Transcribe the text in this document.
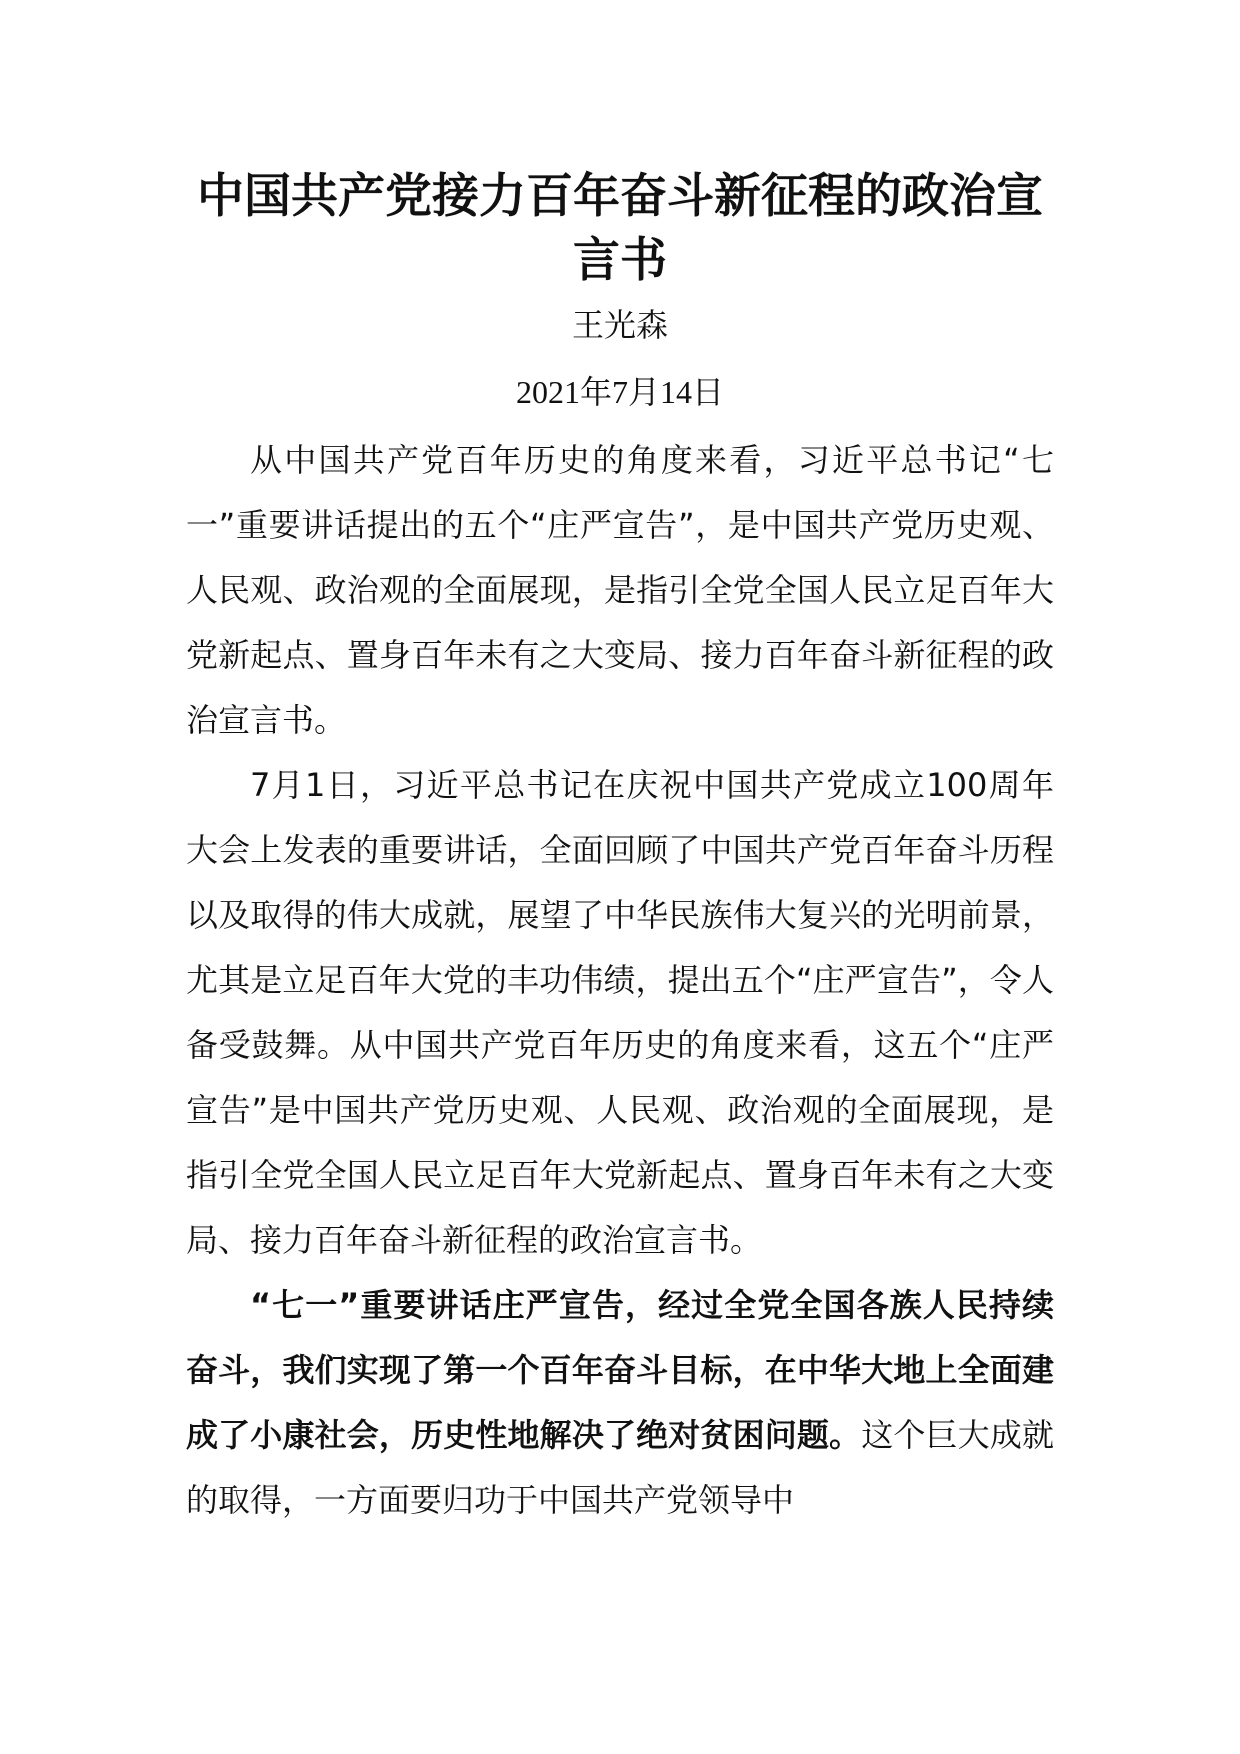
中国共产党接力百年奋斗新征程的政治宣言书
王光森
2021年7月14日

从中国共产党百年历史的角度来看，习近平总书记“七一”重要讲话提出的五个“庄严宣告”，是中国共产党历史观、人民观、政治观的全面展现，是指引全党全国人民立足百年大党新起点、置身百年未有之大变局、接力百年奋斗新征程的政治宣言书。

7月1日，习近平总书记在庆祝中国共产党成立100周年大会上发表的重要讲话，全面回顾了中国共产党百年奋斗历程以及取得的伟大成就，展望了中华民族伟大复兴的光明前景，尤其是立足百年大党的丰功伟绩，提出五个“庄严宣告”，令人备受鼓舞。从中国共产党百年历史的角度来看，这五个“庄严宣告”是中国共产党历史观、人民观、政治观的全面展现，是指引全党全国人民立足百年大党新起点、置身百年未有之大变局、接力百年奋斗新征程的政治宣言书。

“七一”重要讲话庄严宣告，经过全党全国各族人民持续奋斗，我们实现了第一个百年奋斗目标，在中华大地上全面建成了小康社会，历史性地解决了绝对贫困问题。这个巨大成就的取得，一方面要归功于中国共产党领导中
